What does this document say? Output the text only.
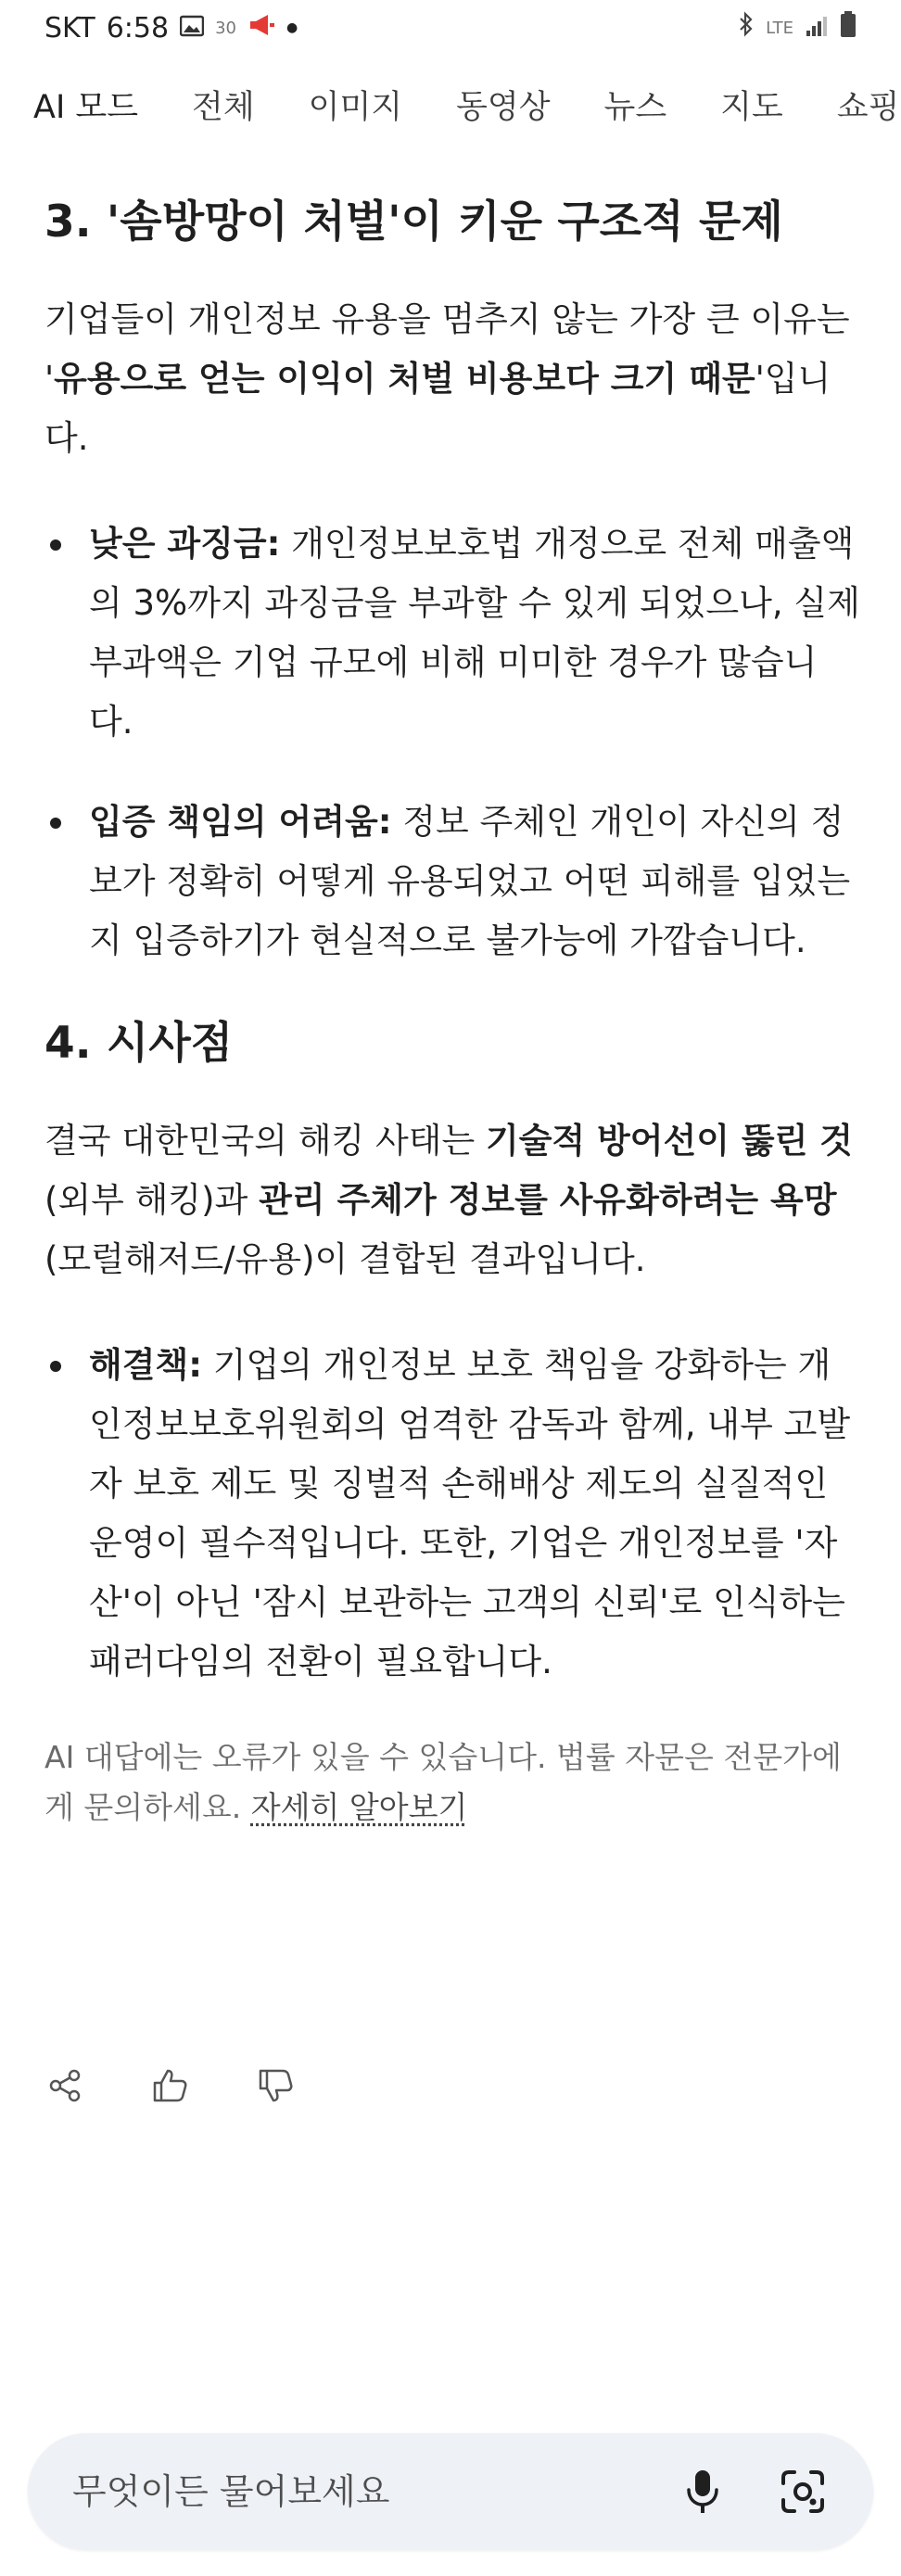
SKT 6:58	30	●	LTE
AI 모드 전체 이미지 동영상 뉴스 지도 쇼핑
3. '솜방망이 처벌'이 키운 구조적 문제

기업들이 개인정보 유용을 멈추지 않는 가장 큰 이유는 '유용으로 얻는 이익이 처벌 비용보다 크기 때문'입니다.

낮은 과징금: 개인정보보호법 개정으로 전체 매출액의 3%까지 과징금을 부과할 수 있게 되었으나, 실제 부과액은 기업 규모에 비해 미미한 경우가 많습니다.
입증 책임의 어려움: 정보 주체인 개인이 자신의 정보가 정확히 어떻게 유용되었고 어떤 피해를 입었는지 입증하기가 현실적으로 불가능에 가깝습니다.
4. 시사점

결국 대한민국의 해킹 사태는 기술적 방어선이 뚫린 것(외부 해킹)과 관리 주체가 정보를 사유화하려는 욕망(모럴해저드/유용)이 결합된 결과입니다.

해결책: 기업의 개인정보 보호 책임을 강화하는 개인정보보호위원회의 엄격한 감독과 함께, 내부 고발자 보호 제도 및 징벌적 손해배상 제도의 실질적인 운영이 필수적입니다. 또한, 기업은 개인정보를 '자산'이 아닌 '잠시 보관하는 고객의 신뢰'로 인식하는 패러다임의 전환이 필요합니다.

AI 대답에는 오류가 있을 수 있습니다. 법률 자문은 전문가에게 문의하세요. 자세히 알아보기

무엇이든 물어보세요
